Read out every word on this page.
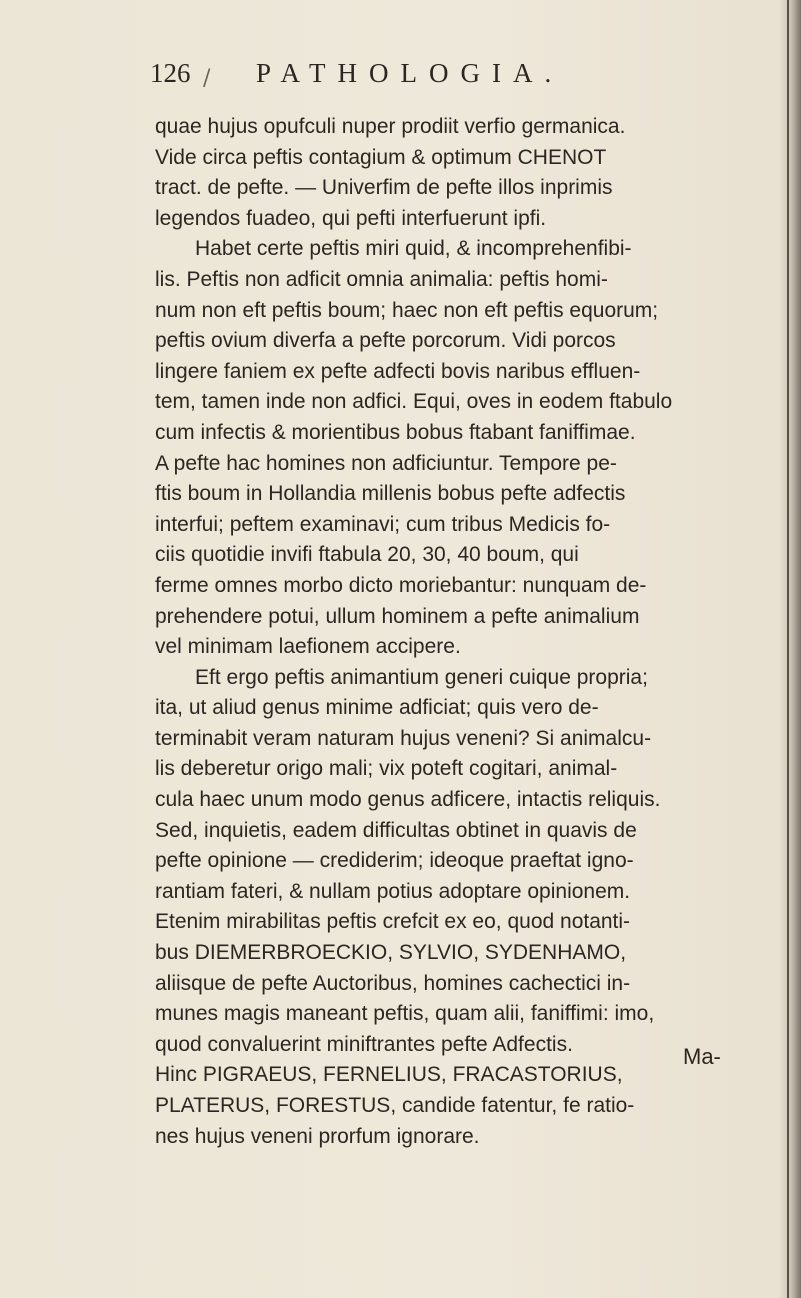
126 / PATHOLOGIA.
quae hujus opufculi nuper prodiit verfio germanica.
Vide circa peftis contagium & optimum CHENOT
tract. de pefte. — Univerfim de pefte illos inprimis
legendos fuadeo, qui pefti interfuerunt ipfi.
Habet certe peftis miri quid, & incomprehenfibi-
lis. Peftis non adficit omnia animalia: peftis homi-
num non eft peftis boum; haec non eft peftis equorum;
peftis ovium diverfa a pefte porcorum. Vidi porcos
lingere faniem ex pefte adfecti bovis naribus effluen-
tem, tamen inde non adfici. Equi, oves in eodem ftabulo
cum infectis & morientibus bobus ftabant faniffimae.
A pefte hac homines non adficiuntur. Tempore pe-
ftis boum in Hollandia millenis bobus pefte adfectis
interfui; peftem examinavi; cum tribus Medicis fo-
ciis quotidie invifi ftabula 20, 30, 40 boum, qui
ferme omnes morbo dicto moriebantur: nunquam de-
prehendere potui, ullum hominem a pefte animalium
vel minimam laefionem accipere.
Eft ergo peftis animantium generi cuique propria;
ita, ut aliud genus minime adficiat; quis vero de-
terminabit veram naturam hujus veneni? Si animalcu-
lis deberetur origo mali; vix poteft cogitari, animal-
cula haec unum modo genus adficere, intactis reliquis.
Sed, inquietis, eadem difficultas obtinet in quavis de
pefte opinione — crediderim; ideoque praeftat igno-
rantiam fateri, & nullam potius adoptare opinionem.
Etenim mirabilitas peftis crefcit ex eo, quod notanti-
bus DIEMERBROECKIO, SYLVIO, SYDENHAMO,
aliisque de pefte Auctoribus, homines cachectici in-
munes magis maneant peftis, quam alii, faniffimi: imo,
quod convaluerint miniftrantes pefte Adfectis.
Hinc PIGRAEUS, FERNELIUS, FRACASTORIUS,
PLATERUS, FORESTUS, candide fatentur, fe ratio-
nes hujus veneni prorfum ignorare.
Ma-
